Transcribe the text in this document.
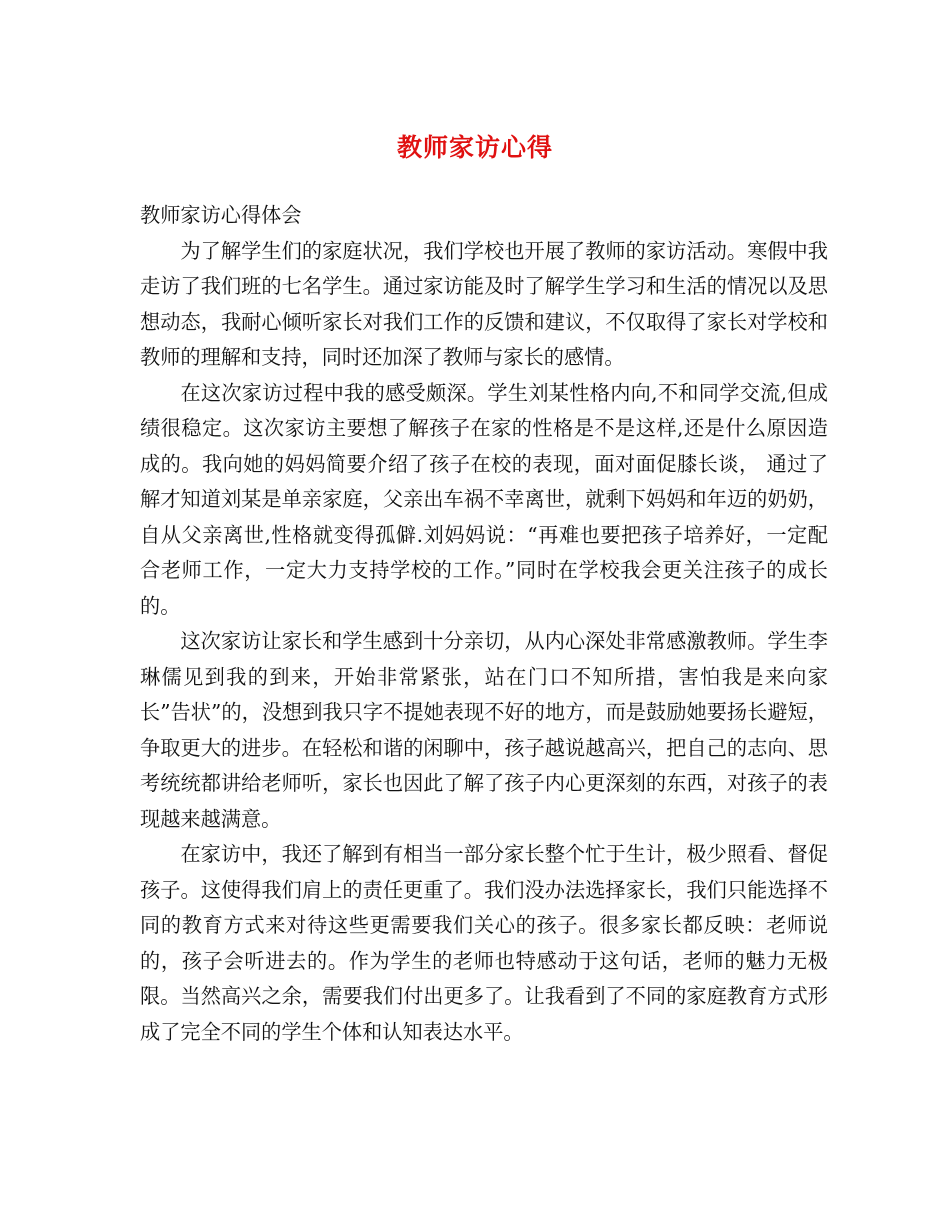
教师家访心得

教师家访心得体会

为了解学生们的家庭状况，我们学校也开展了教师的家访活动。寒假中我走访了我们班的七名学生。通过家访能及时了解学生学习和生活的情况以及思想动态，我耐心倾听家长对我们工作的反馈和建议，不仅取得了家长对学校和教师的理解和支持，同时还加深了教师与家长的感情。

在这次家访过程中我的感受颇深。学生刘某性格内向,不和同学交流,但成绩很稳定。这次家访主要想了解孩子在家的性格是不是这样,还是什么原因造成的。我向她的妈妈简要介绍了孩子在校的表现，面对面促膝长谈， 通过了解才知道刘某是单亲家庭，父亲出车祸不幸离世，就剩下妈妈和年迈的奶奶，自从父亲离世,性格就变得孤僻.刘妈妈说：“再难也要把孩子培养好，一定配合老师工作，一定大力支持学校的工作。”同时在学校我会更关注孩子的成长的。

这次家访让家长和学生感到十分亲切，从内心深处非常感激教师。学生李琳儒见到我的到来，开始非常紧张，站在门口不知所措，害怕我是来向家长”告状”的，没想到我只字不提她表现不好的地方，而是鼓励她要扬长避短，争取更大的进步。在轻松和谐的闲聊中，孩子越说越高兴，把自己的志向、思考统统都讲给老师听，家长也因此了解了孩子内心更深刻的东西，对孩子的表现越来越满意。

在家访中，我还了解到有相当一部分家长整个忙于生计，极少照看、督促孩子。这使得我们肩上的责任更重了。我们没办法选择家长，我们只能选择不同的教育方式来对待这些更需要我们关心的孩子。很多家长都反映：老师说的，孩子会听进去的。作为学生的老师也特感动于这句话，老师的魅力无极限。当然高兴之余，需要我们付出更多了。让我看到了不同的家庭教育方式形成了完全不同的学生个体和认知表达水平。
